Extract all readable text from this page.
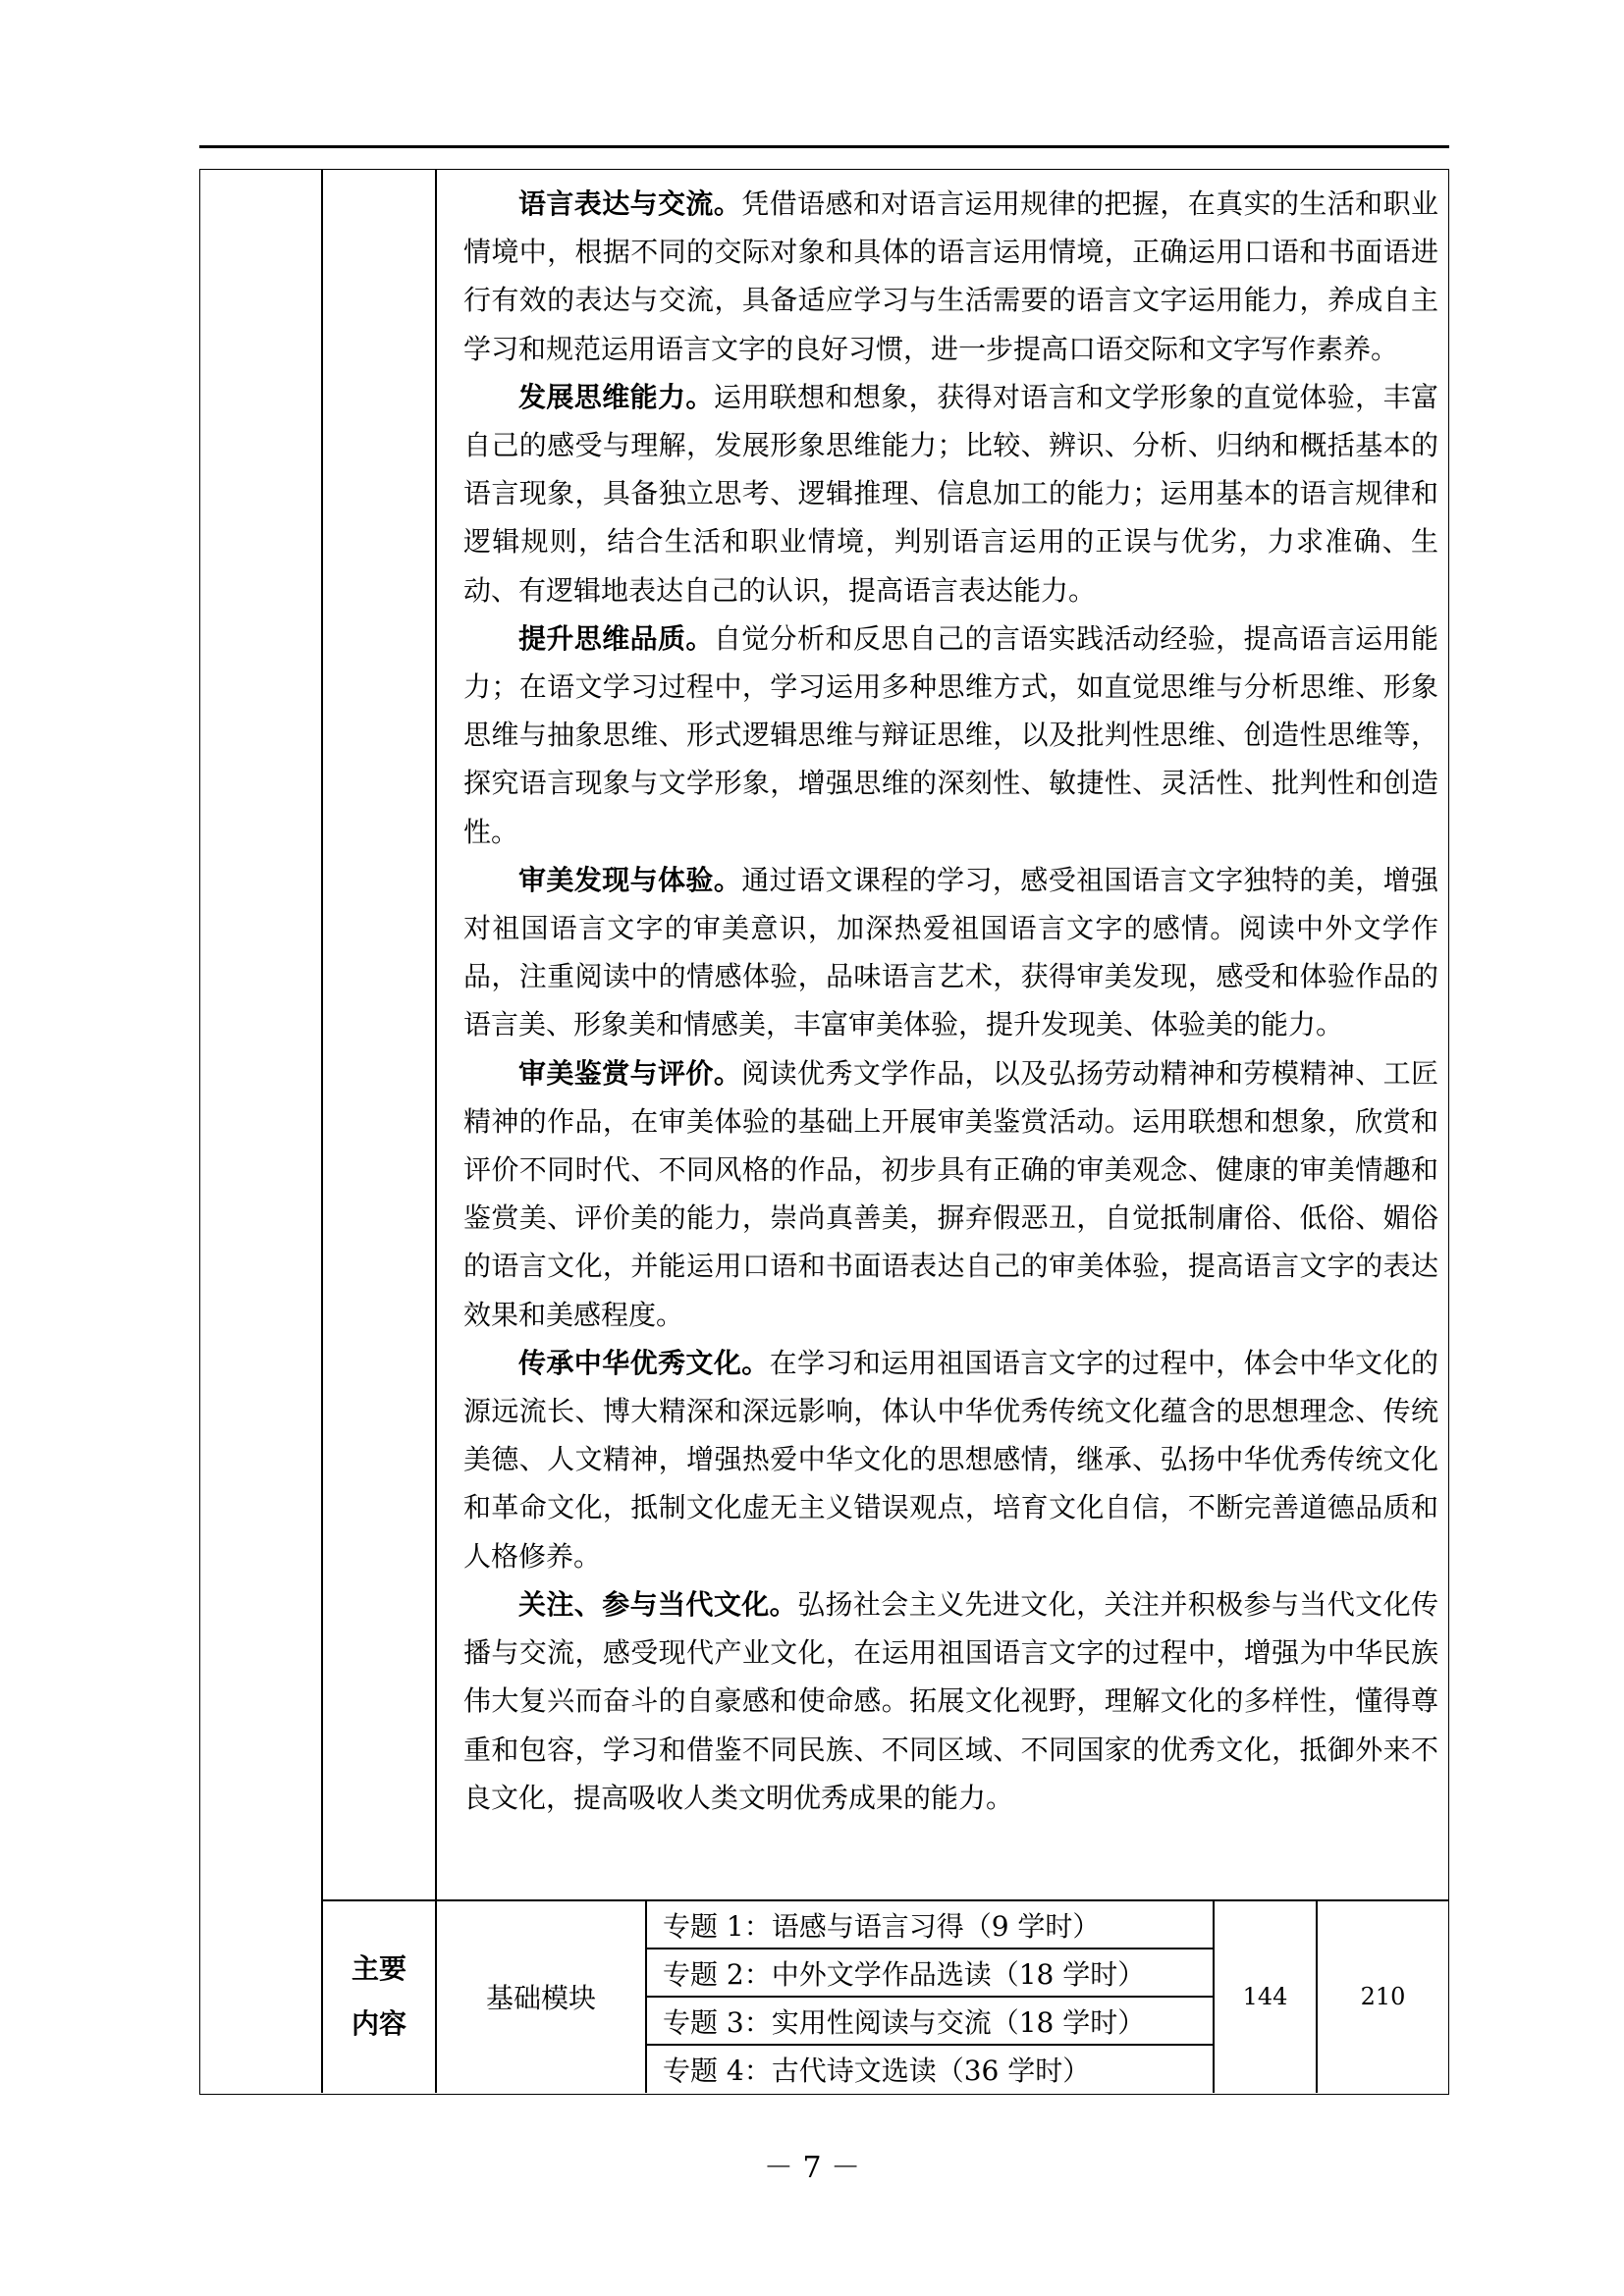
语言表达与交流。凭借语感和对语言运用规律的把握，在真实的生活和职业情境中，根据不同的交际对象和具体的语言运用情境，正确运用口语和书面语进行有效的表达与交流，具备适应学习与生活需要的语言文字运用能力，养成自主学习和规范运用语言文字的良好习惯，进一步提高口语交际和文字写作素养。

发展思维能力。运用联想和想象，获得对语言和文学形象的直觉体验，丰富自己的感受与理解，发展形象思维能力；比较、辨识、分析、归纳和概括基本的语言现象，具备独立思考、逻辑推理、信息加工的能力；运用基本的语言规律和逻辑规则，结合生活和职业情境，判别语言运用的正误与优劣，力求准确、生动、有逻辑地表达自己的认识，提高语言表达能力。

提升思维品质。自觉分析和反思自己的言语实践活动经验，提高语言运用能力；在语文学习过程中，学习运用多种思维方式，如直觉思维与分析思维、形象思维与抽象思维、形式逻辑思维与辩证思维，以及批判性思维、创造性思维等，探究语言现象与文学形象，增强思维的深刻性、敏捷性、灵活性、批判性和创造性。

审美发现与体验。通过语文课程的学习，感受祖国语言文字独特的美，增强对祖国语言文字的审美意识，加深热爱祖国语言文字的感情。阅读中外文学作品，注重阅读中的情感体验，品味语言艺术，获得审美发现，感受和体验作品的语言美、形象美和情感美，丰富审美体验，提升发现美、体验美的能力。

审美鉴赏与评价。阅读优秀文学作品，以及弘扬劳动精神和劳模精神、工匠精神的作品，在审美体验的基础上开展审美鉴赏活动。运用联想和想象，欣赏和评价不同时代、不同风格的作品，初步具有正确的审美观念、健康的审美情趣和鉴赏美、评价美的能力，崇尚真善美，摒弃假恶丑，自觉抵制庸俗、低俗、媚俗的语言文化，并能运用口语和书面语表达自己的审美体验，提高语言文字的表达效果和美感程度。

传承中华优秀文化。在学习和运用祖国语言文字的过程中，体会中华文化的源远流长、博大精深和深远影响，体认中华优秀传统文化蕴含的思想理念、传统美德、人文精神，增强热爱中华文化的思想感情，继承、弘扬中华优秀传统文化和革命文化，抵制文化虚无主义错误观点，培育文化自信，不断完善道德品质和人格修养。

关注、参与当代文化。弘扬社会主义先进文化，关注并积极参与当代文化传播与交流，感受现代产业文化，在运用祖国语言文字的过程中，增强为中华民族伟大复兴而奋斗的自豪感和使命感。拓展文化视野，理解文化的多样性，懂得尊重和包容，学习和借鉴不同民族、不同区域、不同国家的优秀文化，抵御外来不良文化，提高吸收人类文明优秀成果的能力。

主要
内容
基础模块
专题 1：语感与语言习得（9 学时）
专题 2：中外文学作品选读（18 学时）
专题 3：实用性阅读与交流（18 学时）
专题 4：古代诗文选读（36 学时）
144	210
－ 7 －
